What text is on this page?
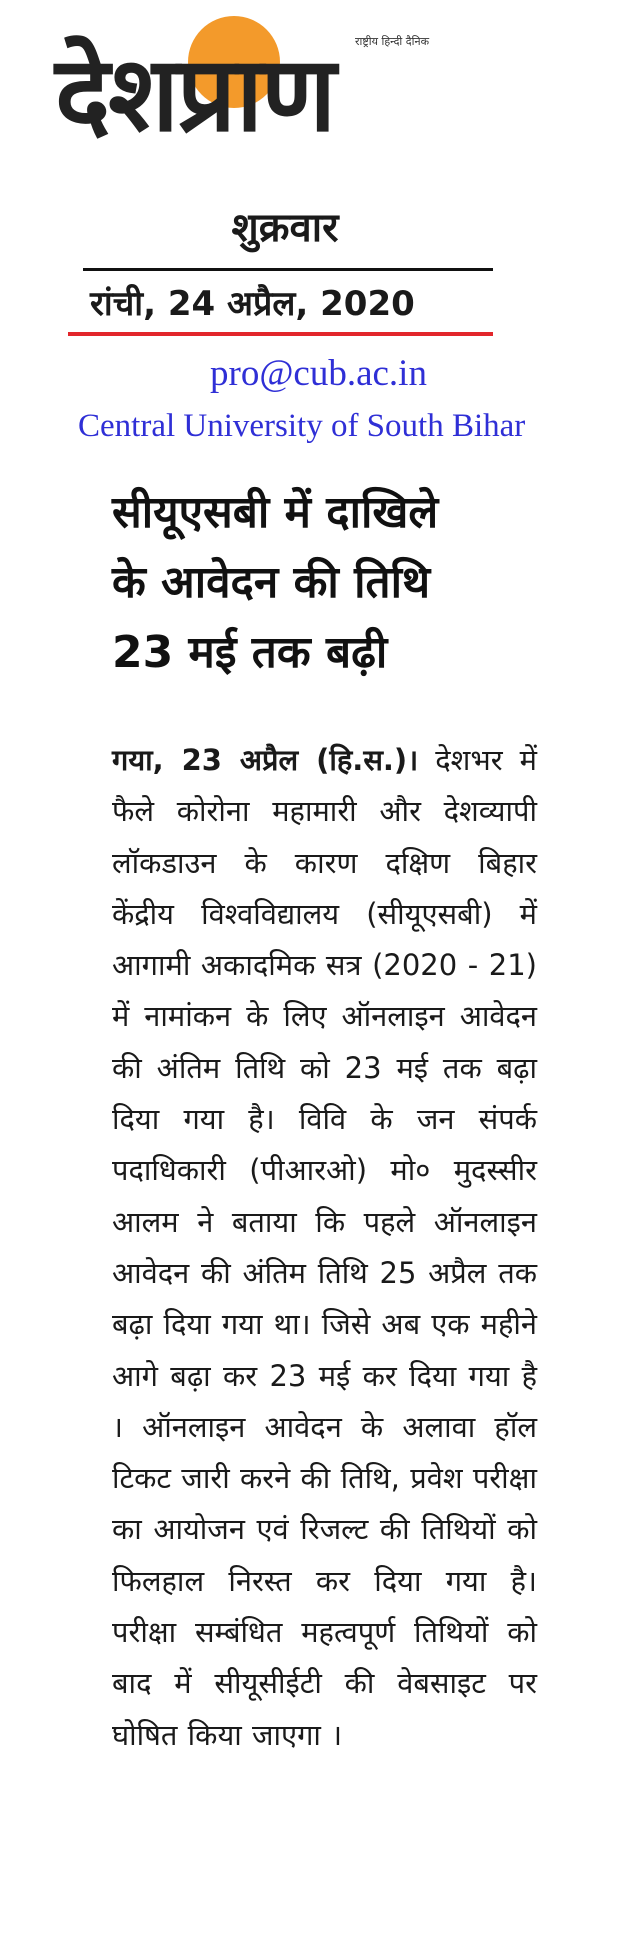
देशप्राण राष्ट्रीय हिन्दी दैनिक
शुक्रवार
रांची, 24 अप्रैल, 2020
pro@cub.ac.in
Central University of South Bihar
सीयूएसबी में दाखिले
के आवेदन की तिथि
23 मई तक बढ़ी
गया, 23 अप्रैल (हि.स.)। देशभर में फैले कोरोना महामारी और देशव्यापी लॉकडाउन के कारण दक्षिण बिहार केंद्रीय विश्वविद्यालय (सीयूएसबी) में आगामी अकादमिक सत्र (2020 - 21) में नामांकन के लिए ऑनलाइन आवेदन की अंतिम तिथि को 23 मई तक बढ़ा दिया गया है। विवि के जन संपर्क पदाधिकारी (पीआरओ) मो० मुदस्सीर आलम ने बताया कि पहले ऑनलाइन आवेदन की अंतिम तिथि 25 अप्रैल तक बढ़ा दिया गया था। जिसे अब एक महीने आगे बढ़ा कर 23 मई कर दिया गया है । ऑनलाइन आवेदन के अलावा हॉल टिकट जारी करने की तिथि, प्रवेश परीक्षा का आयोजन एवं रिजल्ट की तिथियों को फिलहाल निरस्त कर दिया गया है। परीक्षा सम्बंधित महत्वपूर्ण तिथियों को बाद में सीयूसीईटी की वेबसाइट पर घोषित किया जाएगा ।
